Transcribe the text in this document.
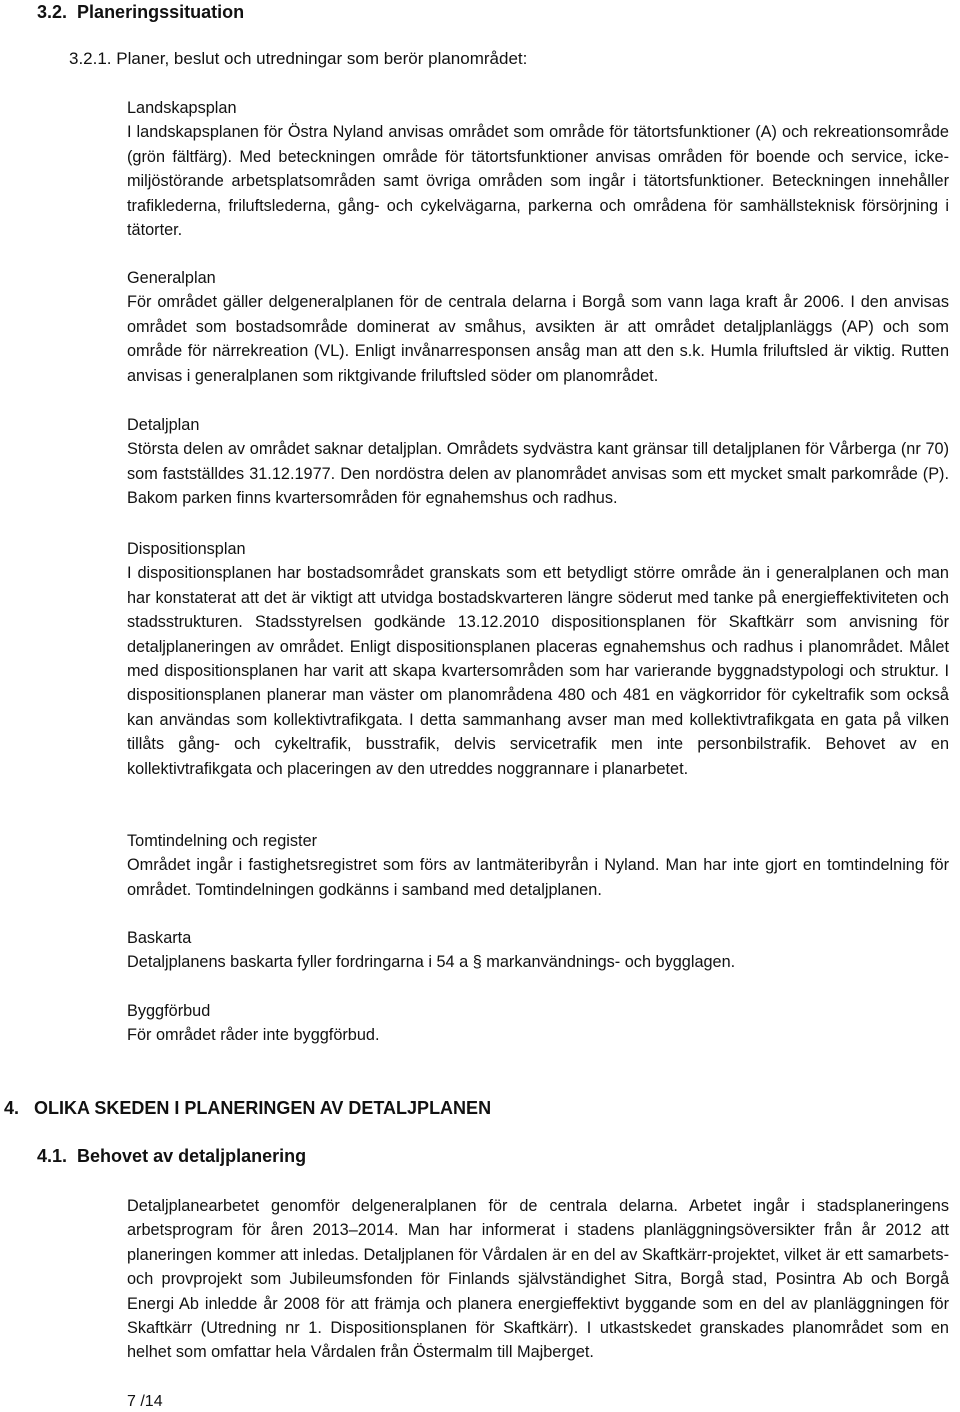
3.2. Planeringssituation
3.2.1. Planer, beslut och utredningar som berör planområdet:
Landskapsplan

I landskapsplanen för Östra Nyland anvisas området som område för tätortsfunktioner (A) och rekreationsområde (grön fältfärg). Med beteckningen område för tätortsfunktioner anvisas områden för boende och service, icke-miljöstörande arbetsplatsområden samt övriga områden som ingår i tätortsfunktioner. Beteckningen innehåller trafiklederna, friluftslederna, gång- och cykelvägarna, parkerna och områdena för samhällsteknisk försörjning i tätorter.

Generalplan

För området gäller delgeneralplanen för de centrala delarna i Borgå som vann laga kraft år 2006. I den anvisas området som bostadsområde dominerat av småhus, avsikten är att området detaljplanläggs (AP) och som område för närrekreation (VL). Enligt invånarresponsen ansåg man att den s.k. Humla friluftsled är viktig. Rutten anvisas i generalplanen som riktgivande friluftsled söder om planområdet.

Detaljplan

Största delen av området saknar detaljplan. Områdets sydvästra kant gränsar till detaljplanen för Vårberga (nr 70) som fastställdes 31.12.1977. Den nordöstra delen av planområdet anvisas som ett mycket smalt parkområde (P). Bakom parken finns kvartersområden för egnahemshus och radhus.

Dispositionsplan

I dispositionsplanen har bostadsområdet granskats som ett betydligt större område än i generalplanen och man har konstaterat att det är viktigt att utvidga bostadskvarteren längre söderut med tanke på energieffektiviteten och stadsstrukturen. Stadsstyrelsen godkände 13.12.2010 dispositionsplanen för Skaftkärr som anvisning för detaljplaneringen av området. Enligt dispositionsplanen placeras egnahemshus och radhus i planområdet. Målet med dispositionsplanen har varit att skapa kvartersområden som har varierande byggnadstypologi och struktur. I dispositionsplanen planerar man väster om planområdena 480 och 481 en vägkorridor för cykeltrafik som också kan användas som kollektivtrafikgata. I detta sammanhang avser man med kollektivtrafikgata en gata på vilken tillåts gång- och cykeltrafik, busstrafik, delvis servicetrafik men inte personbilstrafik. Behovet av en kollektivtrafikgata och placeringen av den utreddes noggrannare i planarbetet.

Tomtindelning och register

Området ingår i fastighetsregistret som förs av lantmäteribyrån i Nyland. Man har inte gjort en tomtindelning för området. Tomtindelningen godkänns i samband med detaljplanen.

Baskarta

Detaljplanens baskarta fyller fordringarna i 54 a § markanvändnings- och bygglagen.

Byggförbud

För området råder inte byggförbud.

4. OLIKA SKEDEN I PLANERINGEN AV DETALJPLANEN
4.1. Behovet av detaljplanering

Detaljplanearbetet genomför delgeneralplanen för de centrala delarna. Arbetet ingår i stadsplaneringens arbetsprogram för åren 2013–2014. Man har informerat i stadens planläggningsöversikter från år 2012 att planeringen kommer att inledas. Detaljplanen för Vårdalen är en del av Skaftkärr-projektet, vilket är ett samarbets- och provprojekt som Jubileumsfonden för Finlands självständighet Sitra, Borgå stad, Posintra Ab och Borgå Energi Ab inledde år 2008 för att främja och planera energieffektivt byggande som en del av planläggningen för Skaftkärr (Utredning nr 1. Dispositionsplanen för Skaftkärr). I utkastskedet granskades planområdet som en helhet som omfattar hela Vårdalen från Östermalm till Majberget.

7 /14
